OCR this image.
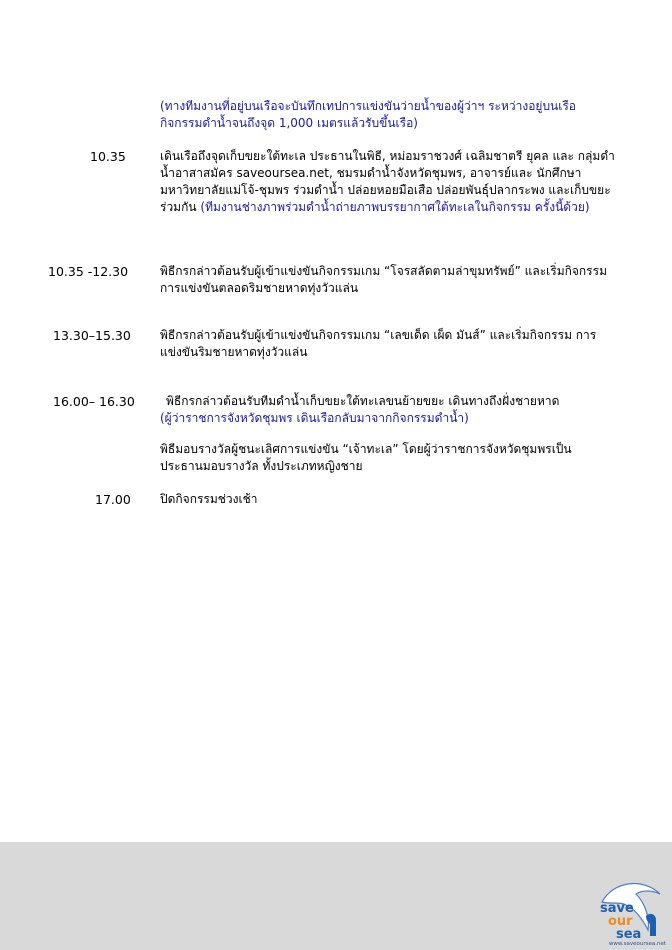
(ทางทีมงานที่อยู่บนเรือจะบันทึกเทปการแข่งขันว่ายน้ำของผู้ว่าฯ ระหว่างอยู่บนเรือ กิจกรรมดำน้ำจนถึงจุด 1,000 เมตรแล้วรับขึ้นเรือ)
10.35	เดินเรือถึงจุดเก็บขยะใต้ทะเล ประธานในพิธี, หม่อมราชวงศ์ เฉลิมชาตรี ยุคล และ กลุ่มดำน้ำอาสาสมัคร saveoursea.net, ชมรมดำน้ำจังหวัดชุมพร, อาจารย์และ นักศึกษามหาวิทยาลัยแม่โจ้-ชุมพร ร่วมดำน้ำ ปล่อยหอยมือเสือ ปล่อยพันธุ์ปลากระพง และเก็บขยะร่วมกัน (ทีมงานช่างภาพร่วมดำน้ำถ่ายภาพบรรยากาศใต้ทะเลในกิจกรรม ครั้งนี้ด้วย)
10.35 -12.30	พิธีกรกล่าวต้อนรับผู้เข้าแข่งขันกิจกรรมเกม “โจรสลัดตามล่าขุมทรัพย์” และเริ่มกิจกรรม การแข่งขันตลอดริมชายหาดทุ่งวัวแล่น
13.30–15.30 พิธีกรกล่าวต้อนรับผู้เข้าแข่งขันกิจกรรมเกม “เลขเด็ด เผ็ด มันส์” และเริ่มกิจกรรม การแข่งขันริมชายหาดทุ่งวัวแล่น
16.00– 16.30	พิธีกรกล่าวต้อนรับทีมดำน้ำเก็บขยะใต้ทะเลขนย้ายขยะ เดินทางถึงฝั่งชายหาด
(ผู้ว่าราชการจังหวัดชุมพร เดินเรือกลับมาจากกิจกรรมดำน้ำ)
พิธีมอบรางวัลผู้ชนะเลิศการแข่งขัน “เจ้าทะเล” โดยผู้ว่าราชการจังหวัดชุมพรเป็น ประธานมอบรางวัล ทั้งประเภทหญิงชาย
17.00 ปิดกิจกรรมช่วงเช้า
save
our
sea
www.saveoursea.net
